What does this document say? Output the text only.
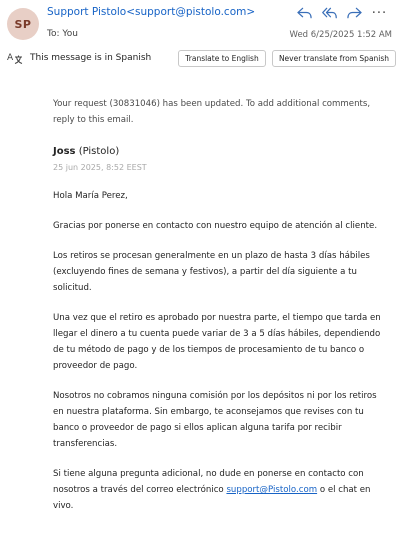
SP
Support Pistolo<support@pistolo.com>
To: You
···
Wed 6/25/2025 1:52 AM
A This message is in Spanish	Translate to English	Never translate from Spanish
Your request (30831046) has been updated. To add additional comments, reply to this email.
Joss (Pistolo)
25 jun 2025, 8:52 EEST
Hola María Perez,
Gracias por ponerse en contacto con nuestro equipo de atención al cliente.
Los retiros se procesan generalmente en un plazo de hasta 3 días hábiles (excluyendo fines de semana y festivos), a partir del día siguiente a tu solicitud.
Una vez que el retiro es aprobado por nuestra parte, el tiempo que tarda en llegar el dinero a tu cuenta puede variar de 3 a 5 días hábiles, dependiendo de tu método de pago y de los tiempos de procesamiento de tu banco o proveedor de pago.
Nosotros no cobramos ninguna comisión por los depósitos ni por los retiros en nuestra plataforma. Sin embargo, te aconsejamos que revises con tu banco o proveedor de pago si ellos aplican alguna tarifa por recibir transferencias.
Si tiene alguna pregunta adicional, no dude en ponerse en contacto con nosotros a través del correo electrónico support@Pistolo.com o el chat en vivo.
